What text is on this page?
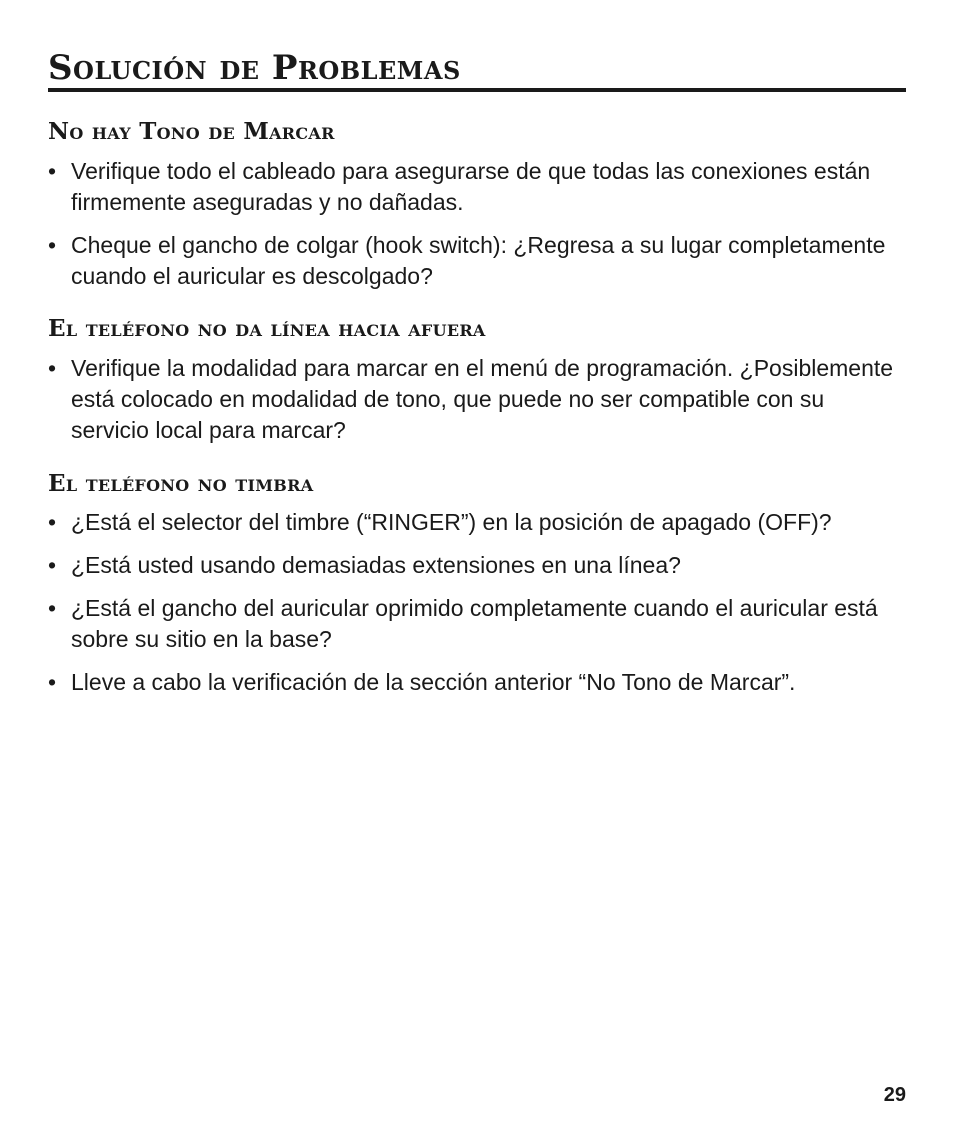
Solución de Problemas
No hay Tono de Marcar
• Verifique todo el cableado para asegurarse de que todas las conexiones están firmemente aseguradas y no dañadas.
• Cheque el gancho de colgar (hook switch): ¿Regresa a su lugar completamente cuando el auricular es descolgado?
El teléfono no da línea hacia afuera
• Verifique la modalidad para marcar en el menú de programación. ¿Posiblemente está colocado en modalidad de tono, que puede no ser compatible con su servicio local para marcar?
El teléfono no timbra
• ¿Está el selector del timbre (“RINGER”) en la posición de apagado (OFF)?
• ¿Está usted usando demasiadas extensiones en una línea?
• ¿Está el gancho del auricular oprimido completamente cuando el auricular está sobre su sitio en la base?
• Lleve a cabo la verificación de la sección anterior “No Tono de Marcar”.
29
